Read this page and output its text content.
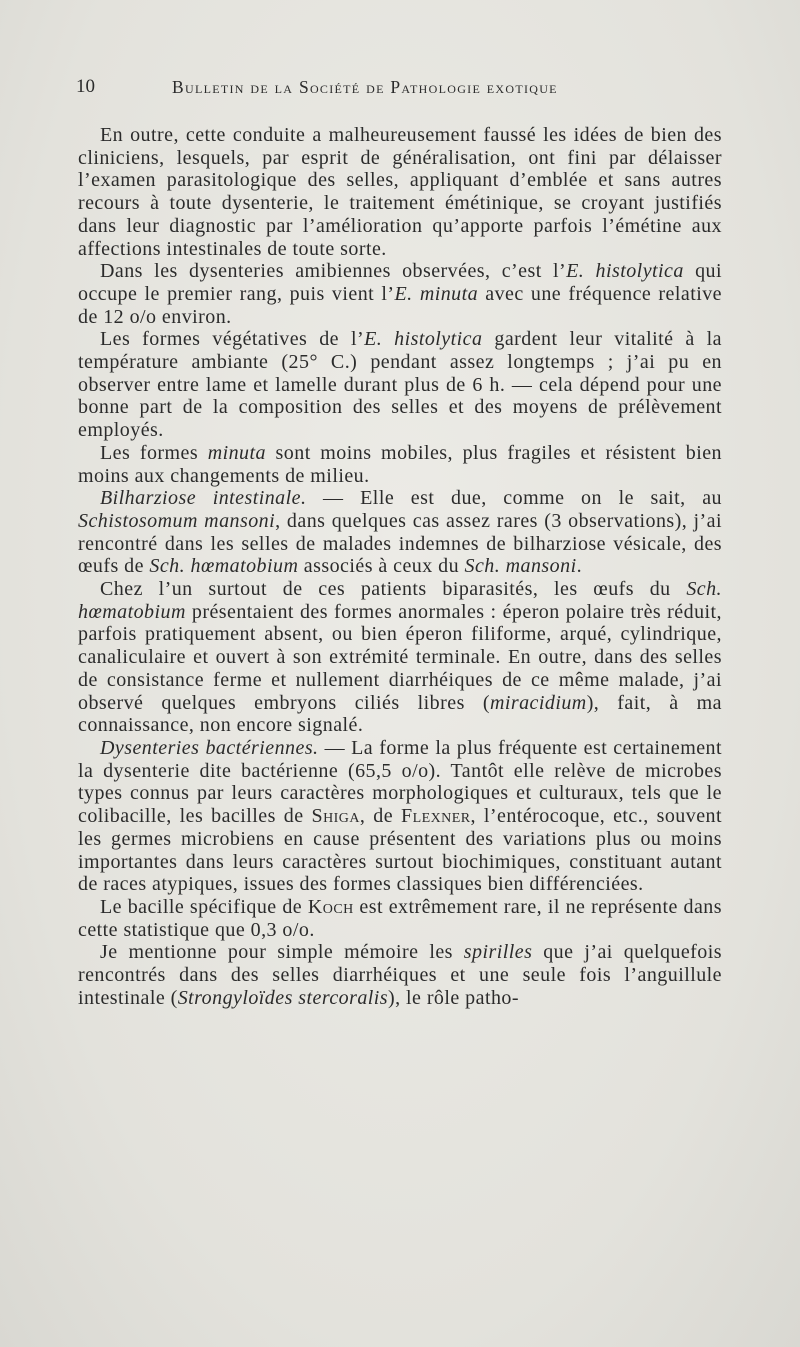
10	Bulletin de la Société de Pathologie exotique

En outre, cette conduite a malheureusement faussé les idées de bien des cliniciens, lesquels, par esprit de généralisation, ont fini par délaisser l’examen parasitologique des selles, appliquant d’emblée et sans autres recours à toute dysenterie, le traitement émétinique, se croyant justifiés dans leur diagnostic par l’amélioration qu’apporte parfois l’émétine aux affections intestinales de toute sorte.

Dans les dysenteries amibiennes observées, c’est l’E. histolytica qui occupe le premier rang, puis vient l’E. minuta avec une fréquence relative de 12 o/o environ.

Les formes végétatives de l’E. histolytica gardent leur vitalité à la température ambiante (25° C.) pendant assez longtemps ; j’ai pu en observer entre lame et lamelle durant plus de 6 h. — cela dépend pour une bonne part de la composition des selles et des moyens de prélèvement employés.

Les formes minuta sont moins mobiles, plus fragiles et résistent bien moins aux changements de milieu.

Bilharziose intestinale. — Elle est due, comme on le sait, au Schistosomum mansoni, dans quelques cas assez rares (3 observations), j’ai rencontré dans les selles de malades indemnes de bilharziose vésicale, des œufs de Sch. hœmatobium associés à ceux du Sch. mansoni.

Chez l’un surtout de ces patients biparasités, les œufs du Sch. hœmatobium présentaient des formes anormales : éperon polaire très réduit, parfois pratiquement absent, ou bien éperon filiforme, arqué, cylindrique, canaliculaire et ouvert à son extrémité terminale. En outre, dans des selles de consistance ferme et nullement diarrhéiques de ce même malade, j’ai observé quelques embryons ciliés libres (miracidium), fait, à ma connaissance, non encore signalé.

Dysenteries bactériennes. — La forme la plus fréquente est certainement la dysenterie dite bactérienne (65,5 o/o). Tantôt elle relève de microbes types connus par leurs caractères morphologiques et culturaux, tels que le colibacille, les bacilles de Shiga, de Flexner, l’entérocoque, etc., souvent les germes microbiens en cause présentent des variations plus ou moins importantes dans leurs caractères surtout biochimiques, constituant autant de races atypiques, issues des formes classiques bien différenciées.

Le bacille spécifique de Koch est extrêmement rare, il ne représente dans cette statistique que 0,3 o/o.

Je mentionne pour simple mémoire les spirilles que j’ai quelquefois rencontrés dans des selles diarrhéiques et une seule fois l’anguillule intestinale (Strongyloïdes stercoralis), le rôle patho-
